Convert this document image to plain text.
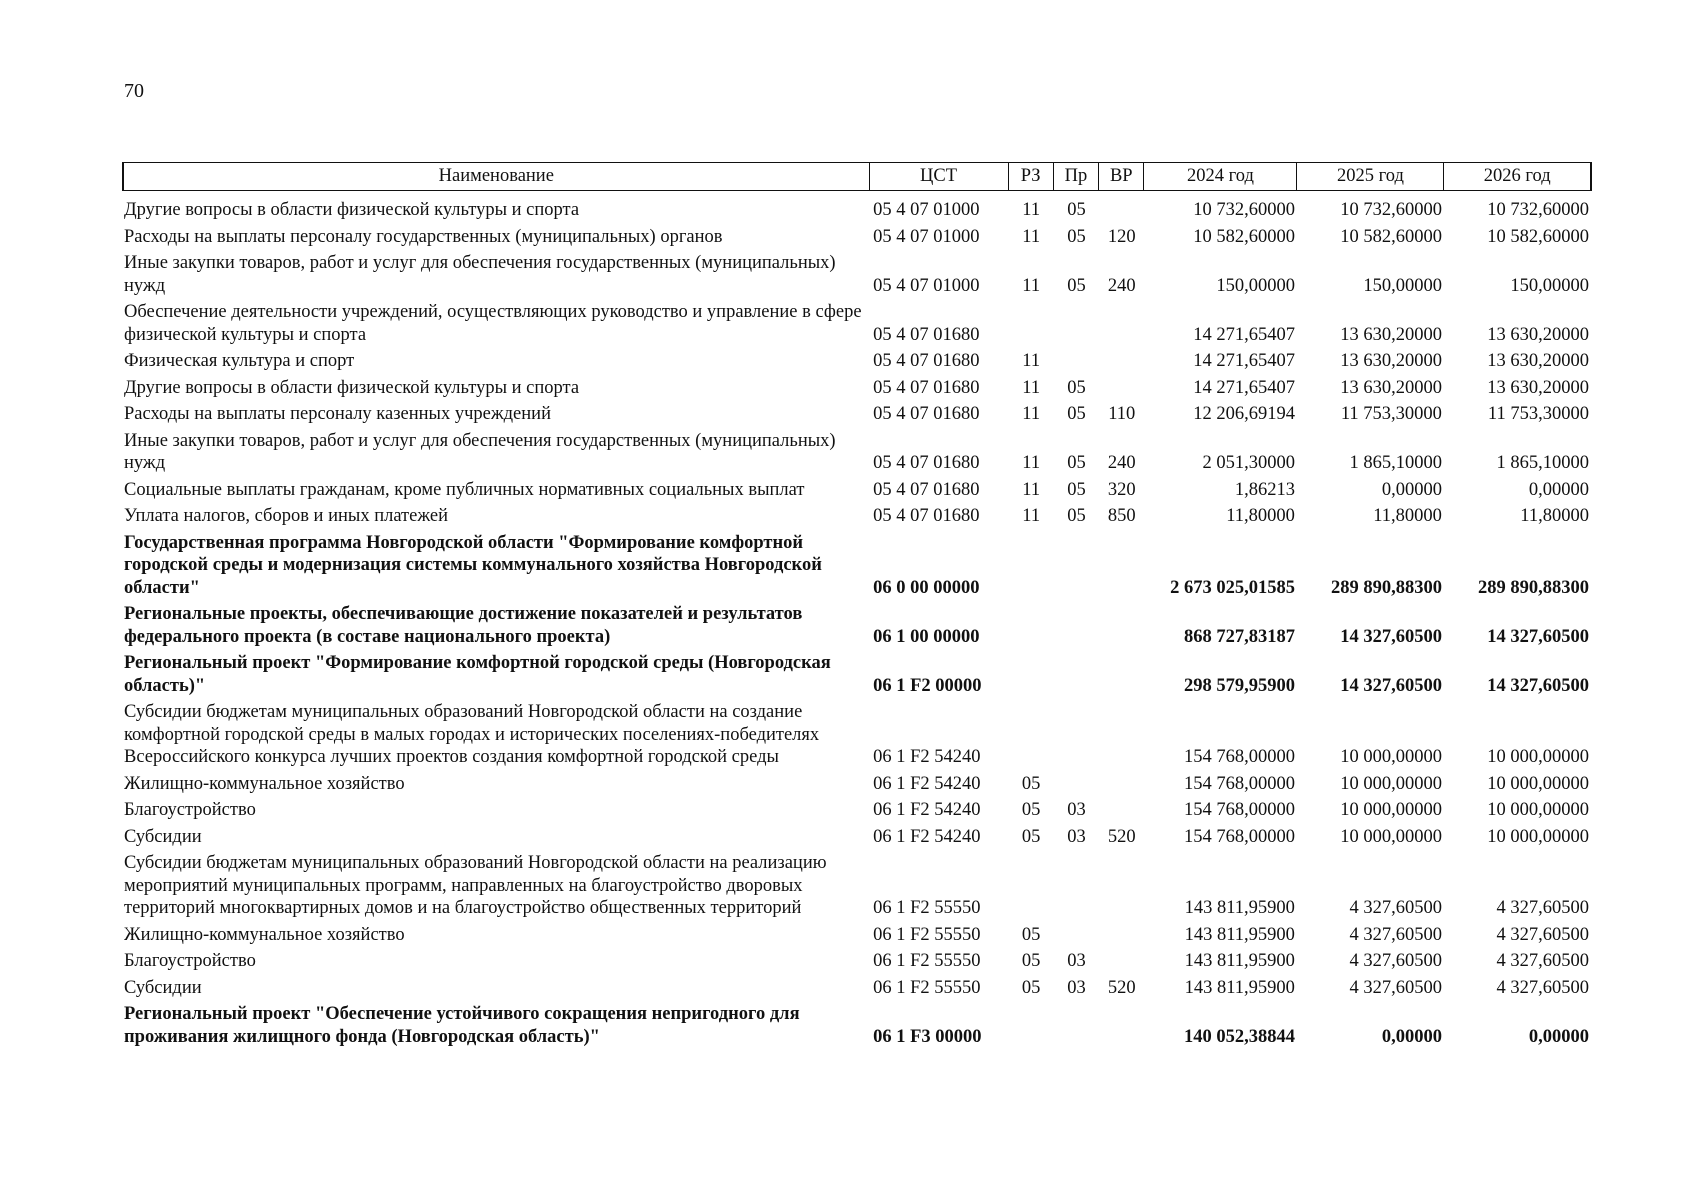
70
Наименование	ЦСТ	РЗ	Пр	ВР	2024 год	2025 год	2026 год

Другие вопросы в области физической культуры и спорта	05 4 07 01000	11	05		10 732,60000	10 732,60000	10 732,60000
Расходы на выплаты персоналу государственных (муниципальных) органов	05 4 07 01000	11	05	120	10 582,60000	10 582,60000	10 582,60000
Иные закупки товаров, работ и услуг для обеспечения государственных (муниципальных) нужд	05 4 07 01000	11	05	240	150,00000	150,00000	150,00000
Обеспечение деятельности учреждений, осуществляющих руководство и управление в сфере физической культуры и спорта	05 4 07 01680				14 271,65407	13 630,20000	13 630,20000
Физическая культура и спорт	05 4 07 01680	11			14 271,65407	13 630,20000	13 630,20000
Другие вопросы в области физической культуры и спорта	05 4 07 01680	11	05		14 271,65407	13 630,20000	13 630,20000
Расходы на выплаты персоналу казенных учреждений	05 4 07 01680	11	05	110	12 206,69194	11 753,30000	11 753,30000
Иные закупки товаров, работ и услуг для обеспечения государственных (муниципальных) нужд	05 4 07 01680	11	05	240	2 051,30000	1 865,10000	1 865,10000
Социальные выплаты гражданам, кроме публичных нормативных социальных выплат	05 4 07 01680	11	05	320	1,86213	0,00000	0,00000
Уплата налогов, сборов и иных платежей	05 4 07 01680	11	05	850	11,80000	11,80000	11,80000
Государственная программа Новгородской области "Формирование комфортной городской среды и модернизация системы коммунального хозяйства Новгородской области"	06 0 00 00000				2 673 025,01585	289 890,88300	289 890,88300
Региональные проекты, обеспечивающие достижение показателей и результатов федерального проекта (в составе национального проекта)	06 1 00 00000				868 727,83187	14 327,60500	14 327,60500
Региональный проект "Формирование комфортной городской среды (Новгородская область)"	06 1 F2 00000				298 579,95900	14 327,60500	14 327,60500
Субсидии бюджетам муниципальных образований Новгородской области на создание комфортной городской среды в малых городах и исторических поселениях-победителях Всероссийского конкурса лучших проектов создания комфортной городской среды	06 1 F2 54240				154 768,00000	10 000,00000	10 000,00000
Жилищно-коммунальное хозяйство	06 1 F2 54240	05			154 768,00000	10 000,00000	10 000,00000
Благоустройство	06 1 F2 54240	05	03		154 768,00000	10 000,00000	10 000,00000
Субсидии	06 1 F2 54240	05	03	520	154 768,00000	10 000,00000	10 000,00000
Субсидии бюджетам муниципальных образований Новгородской области на реализацию мероприятий муниципальных программ, направленных на благоустройство дворовых территорий многоквартирных домов и на благоустройство общественных территорий	06 1 F2 55550				143 811,95900	4 327,60500	4 327,60500
Жилищно-коммунальное хозяйство	06 1 F2 55550	05			143 811,95900	4 327,60500	4 327,60500
Благоустройство	06 1 F2 55550	05	03		143 811,95900	4 327,60500	4 327,60500
Субсидии	06 1 F2 55550	05	03	520	143 811,95900	4 327,60500	4 327,60500
Региональный проект "Обеспечение устойчивого сокращения непригодного для проживания жилищного фонда (Новгородская область)"	06 1 F3 00000				140 052,38844	0,00000	0,00000
